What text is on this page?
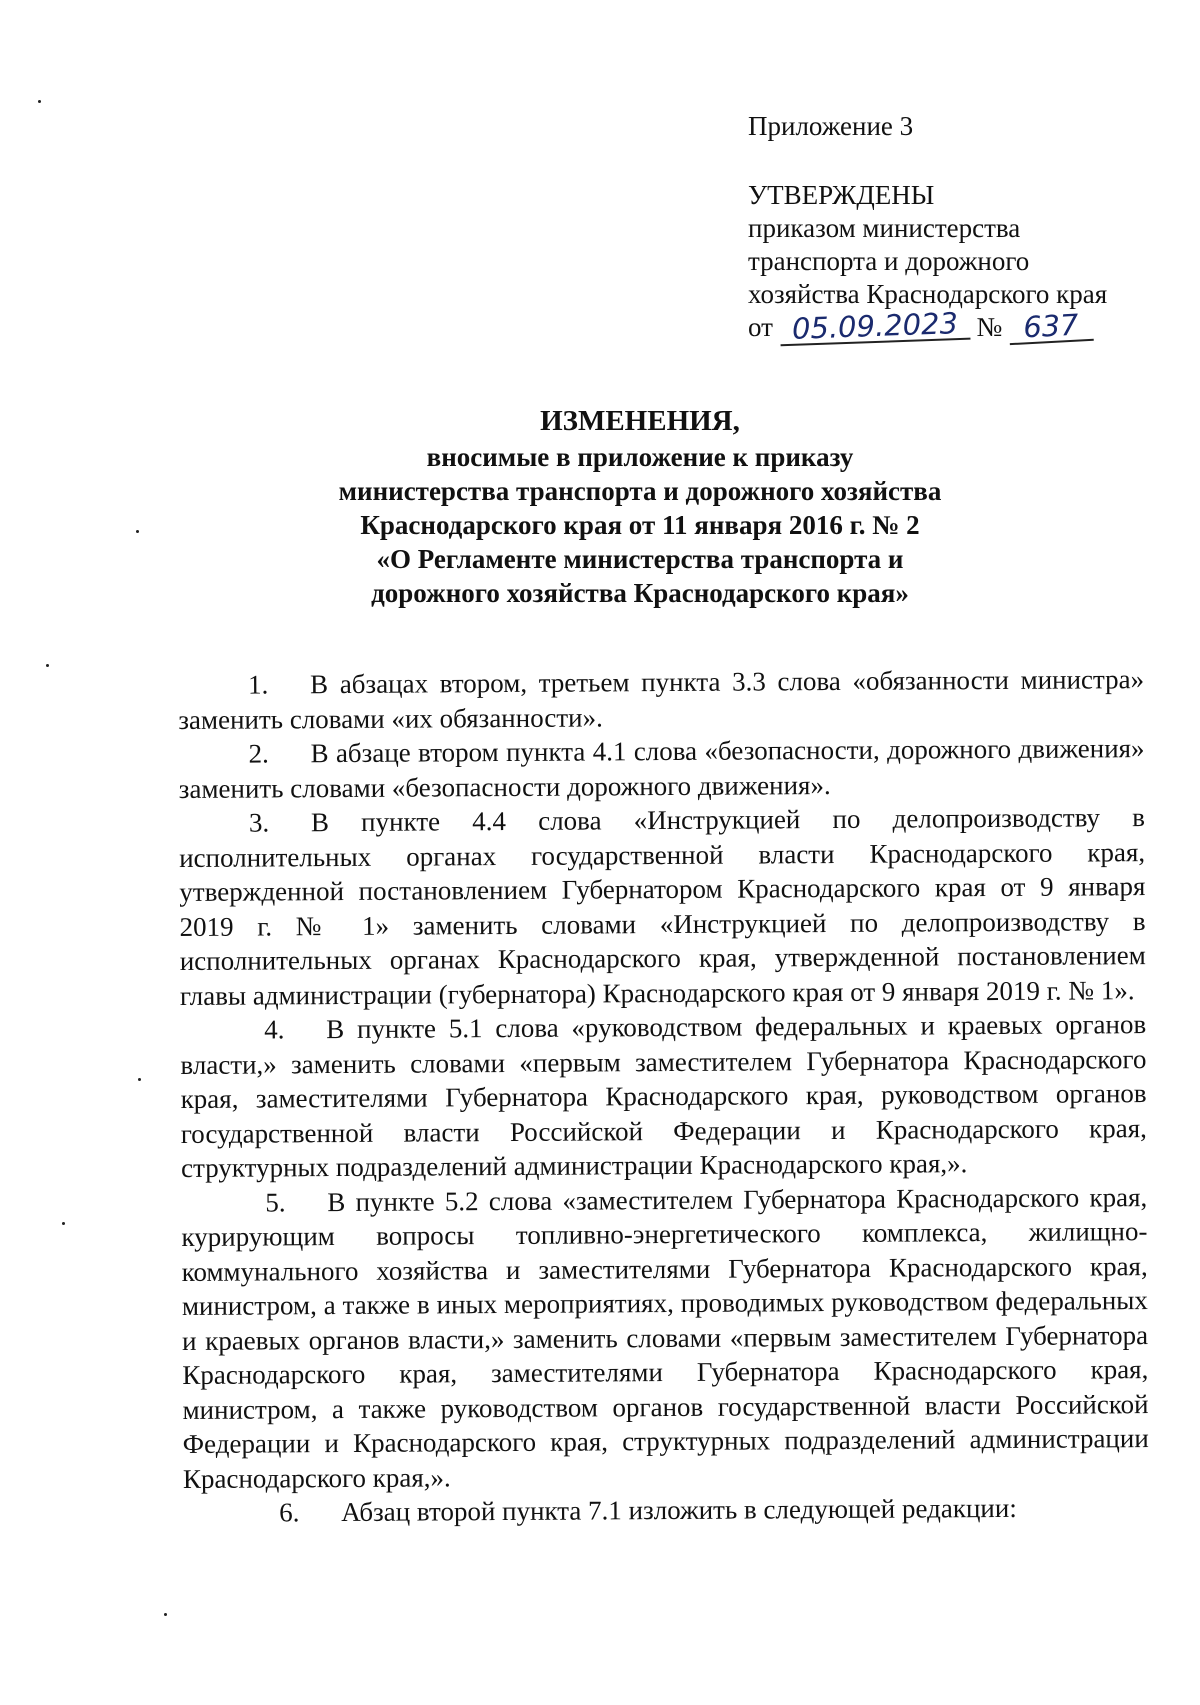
Приложение 3
УТВЕРЖДЕНЫ
приказом министерства
транспорта и дорожного
хозяйства Краснодарского края
от 05.09.2023 № 637
ИЗМЕНЕНИЯ,
вносимые в приложение к приказу
министерства транспорта и дорожного хозяйства
Краснодарского края от 11 января 2016 г. № 2
«О Регламенте министерства транспорта и
дорожного хозяйства Краснодарского края»

1. В абзацах втором, третьем пункта 3.3 слова «обязанности министра» заменить словами «их обязанности».

2. В абзаце втором пункта 4.1 слова «безопасности, дорожного движения» заменить словами «безопасности дорожного движения».

3. В пункте 4.4 слова «Инструкцией по делопроизводству в исполнительных органах государственной власти Краснодарского края, утвержденной постановлением Губернатором Краснодарского края от 9 января 2019 г. № 1» заменить словами «Инструкцией по делопроизводству в исполнительных органах Краснодарского края, утвержденной постановлением главы администрации (губернатора) Краснодарского края от 9 января 2019 г. № 1».

4. В пункте 5.1 слова «руководством федеральных и краевых органов власти,» заменить словами «первым заместителем Губернатора Краснодарского края, заместителями Губернатора Краснодарского края, руководством органов государственной власти Российской Федерации и Краснодарского края, структурных подразделений администрации Краснодарского края,».

5. В пункте 5.2 слова «заместителем Губернатора Краснодарского края, курирующим вопросы топливно-энергетического комплекса, жилищно-коммунального хозяйства и заместителями Губернатора Краснодарского края, министром, а также в иных мероприятиях, проводимых руководством федеральных и краевых органов власти,» заменить словами «первым заместителем Губернатора Краснодарского края, заместителями Губернатора Краснодарского края, министром, а также руководством органов государственной власти Российской Федерации и Краснодарского края, структурных подразделений администрации Краснодарского края,».

6. Абзац второй пункта 7.1 изложить в следующей редакции:
